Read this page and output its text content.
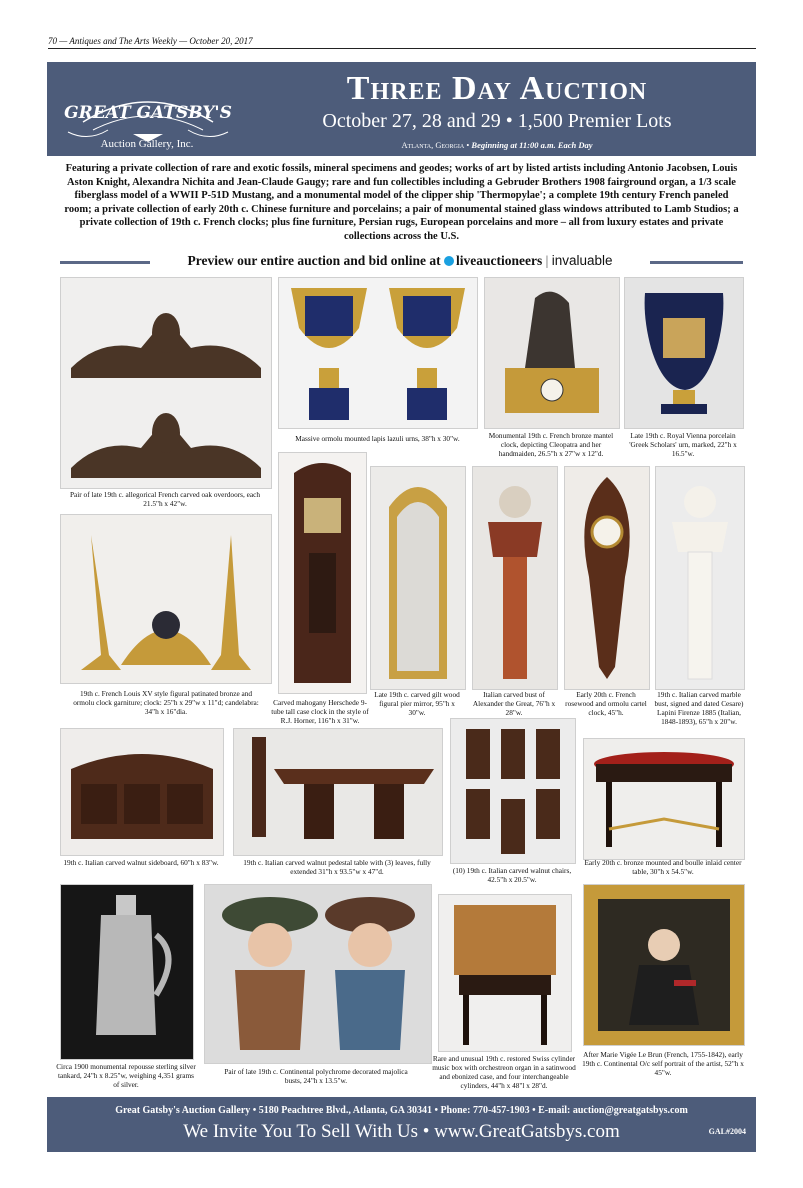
70 — Antiques and The Arts Weekly — October 20, 2017
GREAT GATSBY'S
Auction Gallery, Inc.
Three Day Auction
October 27, 28 and 29 • 1,500 Premier Lots
Atlanta, Georgia • Beginning at 11:00 a.m. Each Day
Featuring a private collection of rare and exotic fossils, mineral specimens and geodes; works of art by listed artists including Antonio Jacobsen, Louis Aston Knight, Alexandra Nichita and Jean-Claude Gaugy; rare and fun collectibles including a Gebruder Brothers 1908 fairground organ, a 1/3 scale fiberglass model of a WWII P-51D Mustang, and a monumental model of the clipper ship 'Thermopylae'; a complete 19th century French paneled room; a private collection of early 20th c. Chinese furniture and porcelains; a pair of monumental stained glass windows attributed to Lamb Studios; a private collection of 19th c. French clocks; plus fine furniture, Persian rugs, European porcelains and more – all from luxury estates and private collections across the U.S.
Preview our entire auction and bid online at liveauctioneers | invaluable
Pair of late 19th c. allegorical French carved oak overdoors, each 21.5"h x 42"w.
Massive ormolu mounted lapis lazuli urns, 38"h x 30"w.	Monumental 19th c. French bronze mantel clock, depicting Cleopatra and her handmaiden, 26.5"h x 27"w x 12"d.
Late 19th c. Royal Vienna porcelain 'Greek Scholars' urn, marked, 22"h x 16.5"w.
19th c. French Louis XV style figural patinated bronze and ormolu clock garniture; clock: 25"h x 29"w x 11"d; candelabra: 34"h x 16"dia.
Carved mahogany Herschede 9-tube tall case clock in the style of R.J. Horner, 116"h x 31"w.
Late 19th c. carved gilt wood figural pier mirror, 95"h x 30"w.
Italian carved bust of Alexander the Great, 76"h x 28"w.
Early 20th c. French rosewood and ormolu cartel clock, 45"h.
19th c. Italian carved marble bust, signed and dated Cesare) Lapini Firenze 1885 (Italian, 1848-1893), 65"h x 20"w.
19th c. Italian carved walnut sideboard, 60"h x 83"w.	19th c. Italian carved walnut pedestal table with (3) leaves, fully extended 31"h x 93.5"w x 47"d.	(10) 19th c. Italian carved walnut chairs, 42.5"h x 20.5"w.
Early 20th c. bronze mounted and boulle inlaid center table, 30"h x 54.5"w.
Circa 1900 monumental repousse sterling silver tankard, 24"h x 8.25"w, weighing 4,351 grams of silver.
Pair of late 19th c. Continental polychrome decorated majolica busts, 24"h x 13.5"w.
Rare and unusual 19th c. restored Swiss cylinder music box with orchestreon organ in a satinwood and ebonized case, and four interchangeable cylinders, 44"h x 48"l x 28"d.
After Marie Vigée Le Brun (French, 1755-1842), early 19th c. Continental O/c self portrait of the artist, 52"h x 45"w.
Great Gatsby's Auction Gallery • 5180 Peachtree Blvd., Atlanta, GA 30341 • Phone: 770-457-1903 • E-mail: auction@greatgatsbys.com
We Invite You To Sell With Us • www.GreatGatsbys.com	GAL#2004
